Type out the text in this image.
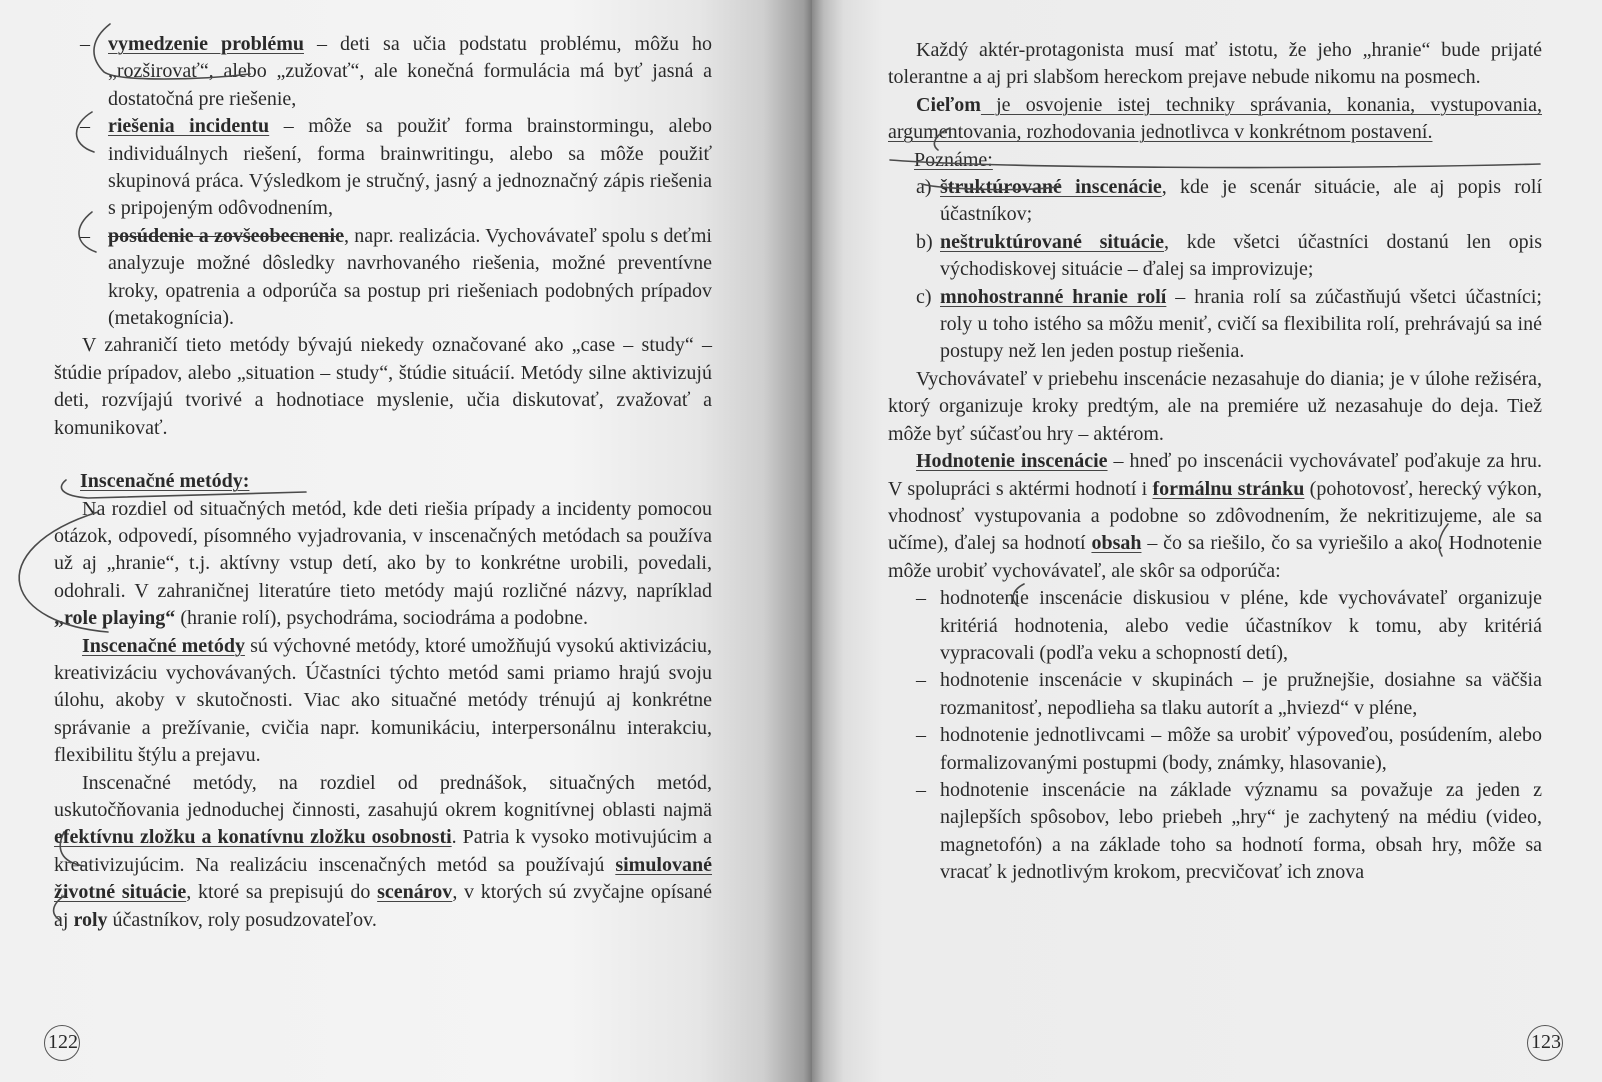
– vymedzenie problému – deti sa učia podstatu problému, môžu ho „rozširovať“, alebo „zužovať“, ale konečná formulácia má byť jasná a dostatočná pre riešenie,
– riešenia incidentu – môže sa použiť forma brainstormingu, alebo individuálnych riešení, forma brainwritingu, alebo sa môže použiť skupinová práca. Výsledkom je stručný, jasný a jednoznačný zápis riešenia s pripojeným odôvodnením,
– posúdenie a zovšeobecnenie, napr. realizácia. Vychovávateľ spolu s deťmi analyzuje možné dôsledky navrhovaného riešenia, možné preventívne kroky, opatrenia a odporúča sa postup pri riešeniach podobných prípadov (metakognícia).

V zahraničí tieto metódy bývajú niekedy označované ako „case – study“ – štúdie prípadov, alebo „situation – study“, štúdie situácií. Metódy silne aktivizujú deti, rozvíjajú tvorivé a hodnotiace myslenie, učia diskutovať, zvažovať a komunikovať.

Inscenačné metódy:

Na rozdiel od situačných metód, kde deti riešia prípady a incidenty pomocou otázok, odpovedí, písomného vyjadrovania, v inscenačných metódach sa používa už aj „hranie“, t.j. aktívny vstup detí, ako by to konkrétne urobili, povedali, odohrali. V zahraničnej literatúre tieto metódy majú rozličné názvy, napríklad „role playing“ (hranie rolí), psychodráma, sociodráma a podobne.

Inscenačné metódy sú výchovné metódy, ktoré umožňujú vysokú aktivizáciu, kreativizáciu vychovávaných. Účastníci týchto metód sami priamo hrajú svoju úlohu, akoby v skutočnosti. Viac ako situačné metódy trénujú aj konkrétne správanie a prežívanie, cvičia napr. komunikáciu, interpersonálnu interakciu, flexibilitu štýlu a prejavu.

Inscenačné metódy, na rozdiel od prednášok, situačných metód, uskutočňovania jednoduchej činnosti, zasahujú okrem kognitívnej oblasti najmä efektívnu zložku a konatívnu zložku osobnosti. Patria k vysoko motivujúcim a kreativizujúcim. Na realizáciu inscenačných metód sa používajú simulované životné situácie, ktoré sa prepisujú do scenárov, v ktorých sú zvyčajne opísané aj roly účastníkov, roly posudzovateľov.

122

Každý aktér-protagonista musí mať istotu, že jeho „hranie“ bude prijaté tolerantne a aj pri slabšom hereckom prejave nebude nikomu na posmech.

Cieľom je osvojenie istej techniky správania, konania, vystupovania, argumentovania, rozhodovania jednotlivca v konkrétnom postavení.

Poznáme:

a) štruktúrované inscenácie, kde je scenár situácie, ale aj popis rolí účastníkov;
b) neštruktúrované situácie, kde všetci účastníci dostanú len opis východiskovej situácie – ďalej sa improvizuje;
c) mnohostranné hranie rolí – hrania rolí sa zúčastňujú všetci účastníci; roly u toho istého sa môžu meniť, cvičí sa flexibilita rolí, prehrávajú sa iné postupy než len jeden postup riešenia.

Vychovávateľ v priebehu inscenácie nezasahuje do diania; je v úlohe režiséra, ktorý organizuje kroky predtým, ale na premiére už nezasahuje do deja. Tiež môže byť súčasťou hry – aktérom.

Hodnotenie inscenácie – hneď po inscenácii vychovávateľ poďakuje za hru. V spolupráci s aktérmi hodnotí i formálnu stránku (pohotovosť, herecký výkon, vhodnosť vystupovania a podobne so zdôvodnením, že nekritizujeme, ale sa učíme), ďalej sa hodnotí obsah – čo sa riešilo, čo sa vyriešilo a ako. Hodnotenie môže urobiť vychovávateľ, ale skôr sa odporúča:

– hodnotenie inscenácie diskusiou v pléne, kde vychovávateľ organizuje kritériá hodnotenia, alebo vedie účastníkov k tomu, aby kritériá vypracovali (podľa veku a schopností detí),
– hodnotenie inscenácie v skupinách – je pružnejšie, dosiahne sa väčšia rozmanitosť, nepodlieha sa tlaku autorít a „hviezd“ v pléne,
– hodnotenie jednotlivcami – môže sa urobiť výpoveďou, posúdením, alebo formalizovanými postupmi (body, známky, hlasovanie),
– hodnotenie inscenácie na základe významu sa považuje za jeden z najlepších spôsobov, lebo priebeh „hry“ je zachytený na médiu (video, magnetofón) a na základe toho sa hodnotí forma, obsah hry, môže sa vracať k jednotlivým krokom, precvičovať ich znova
123
